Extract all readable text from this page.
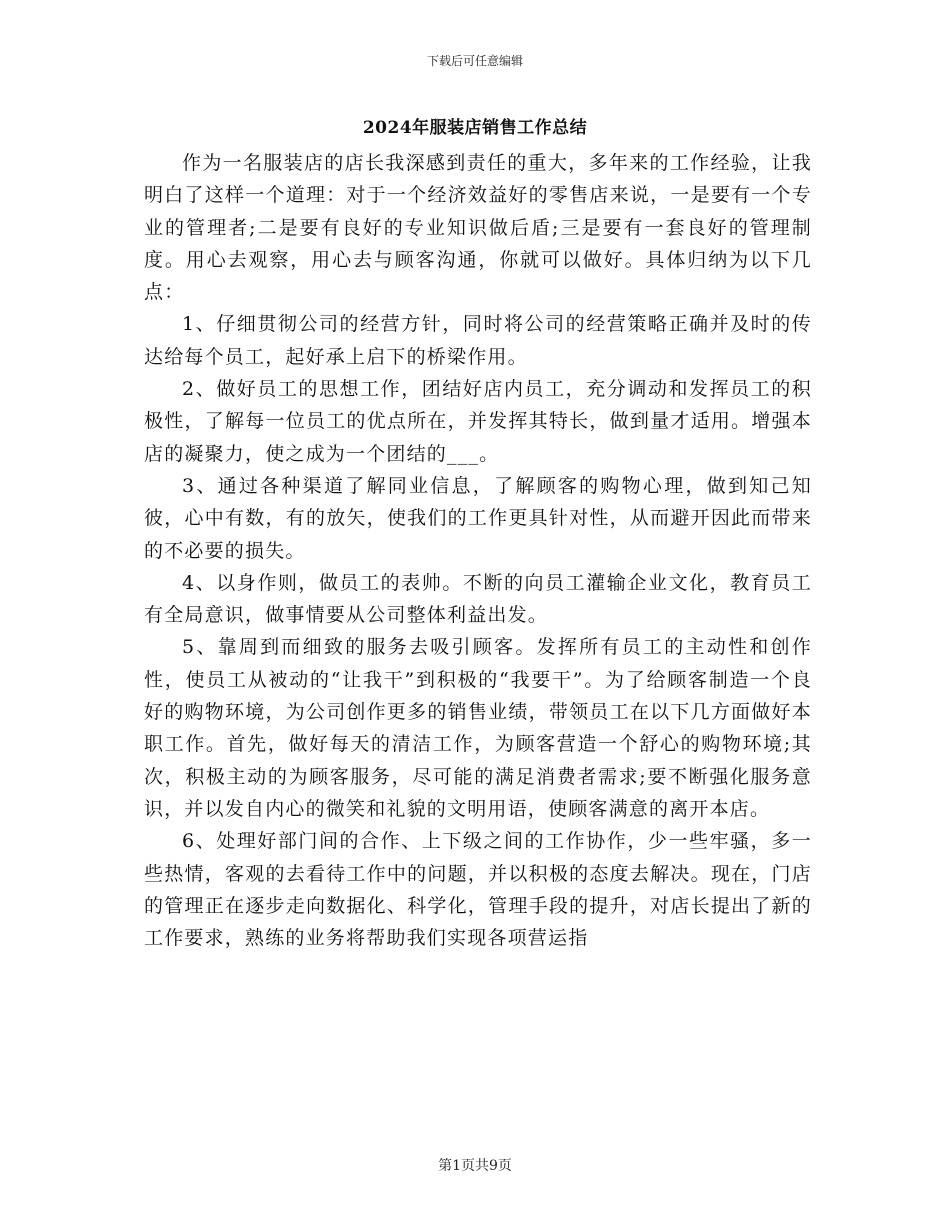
下载后可任意编辑
2024年服装店销售工作总结

作为一名服装店的店长我深感到责任的重大，多年来的工作经验，让我明白了这样一个道理：对于一个经济效益好的零售店来说，一是要有一个专业的管理者;二是要有良好的专业知识做后盾;三是要有一套良好的管理制度。用心去观察，用心去与顾客沟通，你就可以做好。具体归纳为以下几点：

1、仔细贯彻公司的经营方针，同时将公司的经营策略正确并及时的传达给每个员工，起好承上启下的桥梁作用。

2、做好员工的思想工作，团结好店内员工，充分调动和发挥员工的积极性，了解每一位员工的优点所在，并发挥其特长，做到量才适用。增强本店的凝聚力，使之成为一个团结的___。

3、通过各种渠道了解同业信息，了解顾客的购物心理，做到知己知彼，心中有数，有的放矢，使我们的工作更具针对性，从而避开因此而带来的不必要的损失。

4、以身作则，做员工的表帅。不断的向员工灌输企业文化，教育员工有全局意识，做事情要从公司整体利益出发。

5、靠周到而细致的服务去吸引顾客。发挥所有员工的主动性和创作性，使员工从被动的“让我干”到积极的“我要干”。为了给顾客制造一个良好的购物环境，为公司创作更多的销售业绩，带领员工在以下几方面做好本职工作。首先，做好每天的清洁工作，为顾客营造一个舒心的购物环境;其次，积极主动的为顾客服务，尽可能的满足消费者需求;要不断强化服务意识，并以发自内心的微笑和礼貌的文明用语，使顾客满意的离开本店。

6、处理好部门间的合作、上下级之间的工作协作，少一些牢骚，多一些热情，客观的去看待工作中的问题，并以积极的态度去解决。现在，门店的管理正在逐步走向数据化、科学化，管理手段的提升，对店长提出了新的工作要求，熟练的业务将帮助我们实现各项营运指

第1页共9页
